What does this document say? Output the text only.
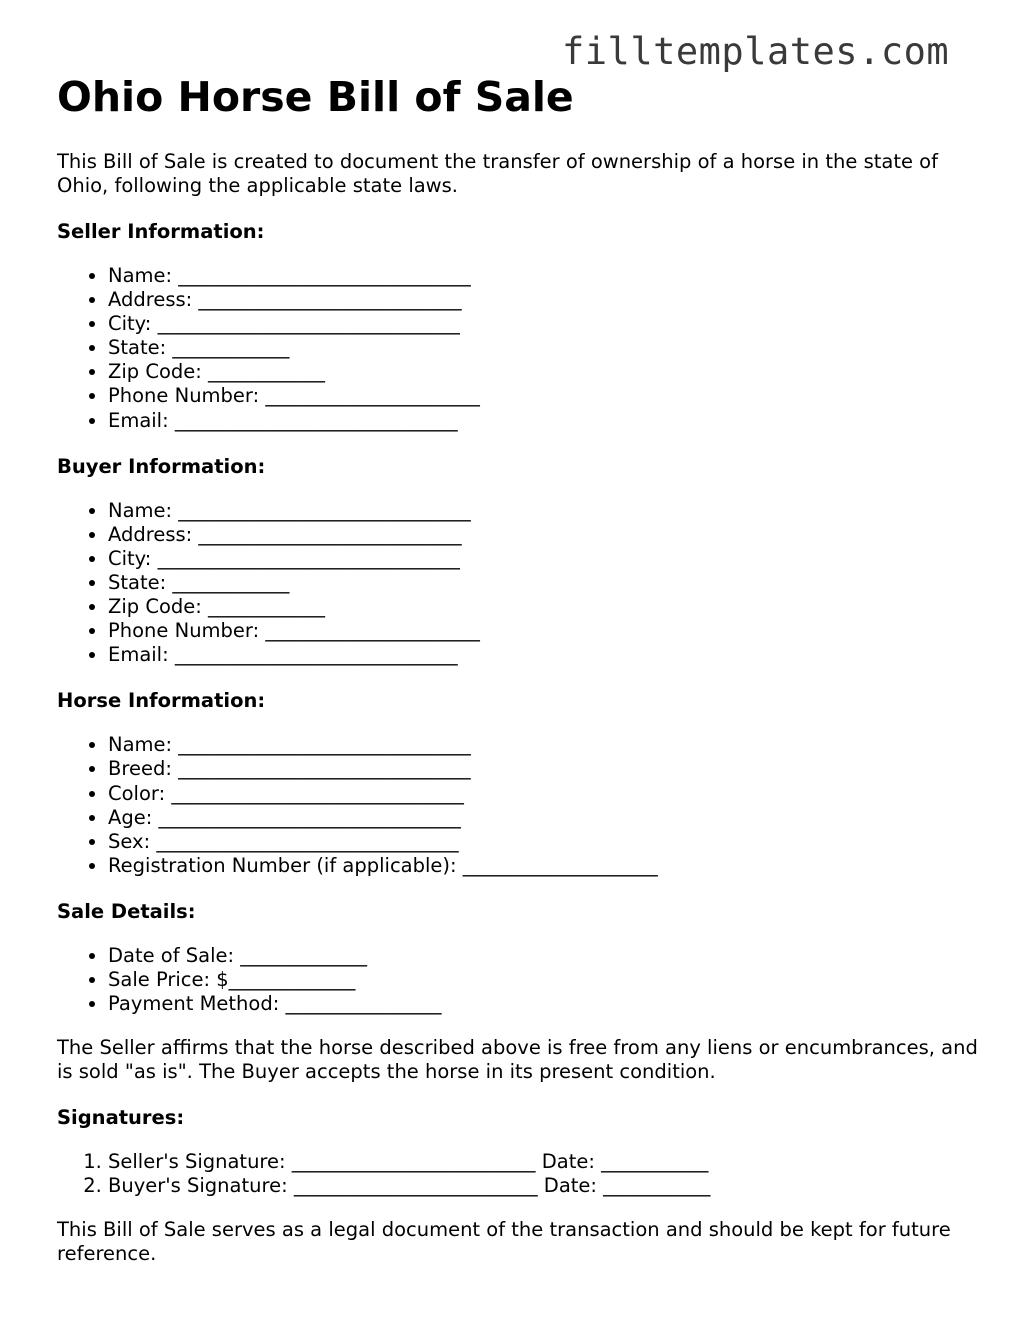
filltemplates.com
Ohio Horse Bill of Sale

This Bill of Sale is created to document the transfer of ownership of a horse in the state of Ohio, following the applicable state laws.

Seller Information:
• Name: ______________________________
• Address: ___________________________
• City: _______________________________
• State: ____________
• Zip Code: ____________
• Phone Number: ______________________
• Email: _____________________________
Buyer Information:
• Name: ______________________________
• Address: ___________________________
• City: _______________________________
• State: ____________
• Zip Code: ____________
• Phone Number: ______________________
• Email: _____________________________
Horse Information:
• Name: ______________________________
• Breed: ______________________________
• Color: ______________________________
• Age: _______________________________
• Sex: _______________________________
• Registration Number (if applicable): ____________________
Sale Details:
• Date of Sale: _____________
• Sale Price: $_____________
• Payment Method: ________________

The Seller affirms that the horse described above is free from any liens or encumbrances, and is sold "as is". The Buyer accepts the horse in its present condition.

Signatures:
1. Seller's Signature: _________________________ Date: ___________
2. Buyer's Signature: _________________________ Date: ___________

This Bill of Sale serves as a legal document of the transaction and should be kept for future reference.
